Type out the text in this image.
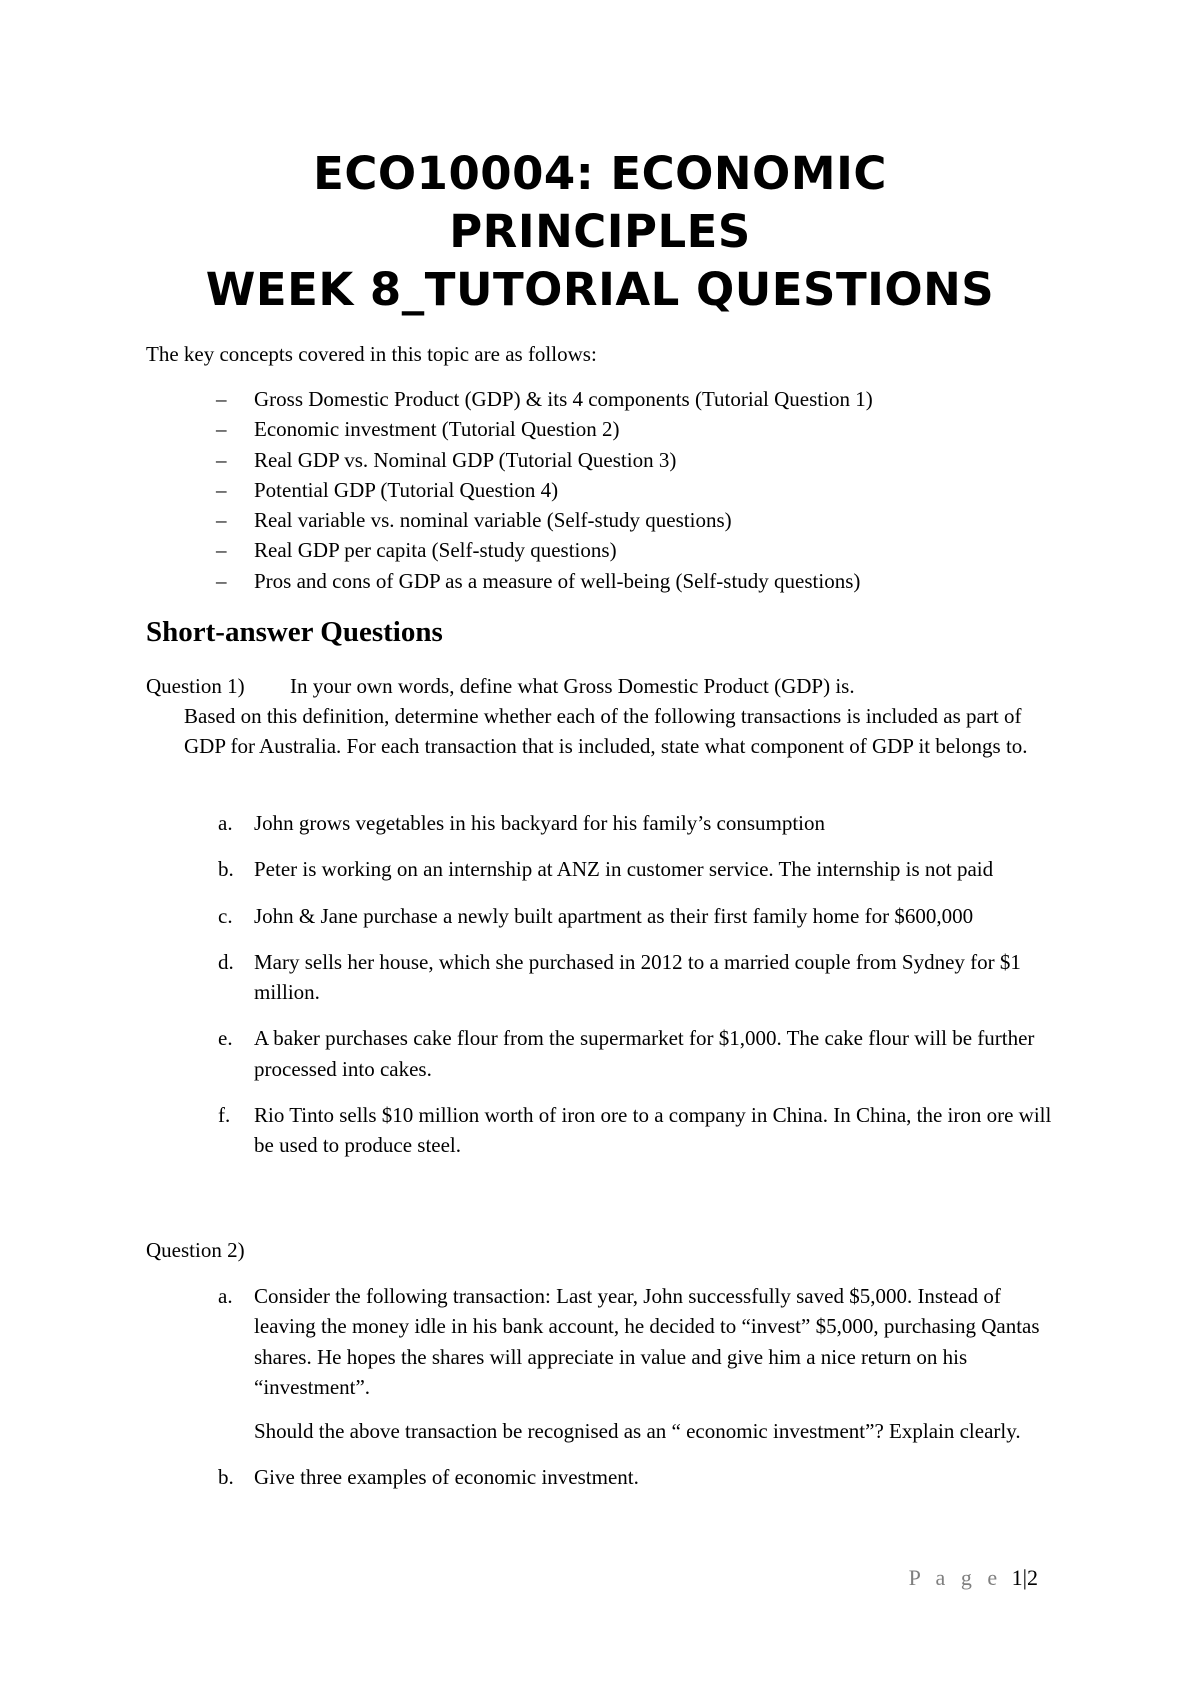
ECO10004: ECONOMIC
PRINCIPLES
WEEK 8_TUTORIAL QUESTIONS
The key concepts covered in this topic are as follows:
– Gross Domestic Product (GDP) & its 4 components (Tutorial Question 1)
– Economic investment (Tutorial Question 2)
– Real GDP vs. Nominal GDP (Tutorial Question 3)
– Potential GDP (Tutorial Question 4)
– Real variable vs. nominal variable (Self-study questions)
– Real GDP per capita (Self-study questions)
– Pros and cons of GDP as a measure of well-being (Self-study questions)
Short-answer Questions
Question 1) In your own words, define what Gross Domestic Product (GDP) is.
Based on this definition, determine whether each of the following transactions is included as part of GDP for Australia. For each transaction that is included, state what component of GDP it belongs to.
a. John grows vegetables in his backyard for his family’s consumption
b. Peter is working on an internship at ANZ in customer service. The internship is not paid
c. John & Jane purchase a newly built apartment as their first family home for $600,000
d. Mary sells her house, which she purchased in 2012 to a married couple from Sydney for $1 million.
e. A baker purchases cake flour from the supermarket for $1,000. The cake flour will be further processed into cakes.
f. Rio Tinto sells $10 million worth of iron ore to a company in China. In China, the iron ore will be used to produce steel.
Question 2)
a. Consider the following transaction: Last year, John successfully saved $5,000. Instead of leaving the money idle in his bank account, he decided to “invest” $5,000, purchasing Qantas shares. He hopes the shares will appreciate in value and give him a nice return on his “investment”.
Should the above transaction be recognised as an “ economic investment”? Explain clearly.
b. Give three examples of economic investment.
P a g e 1|2
